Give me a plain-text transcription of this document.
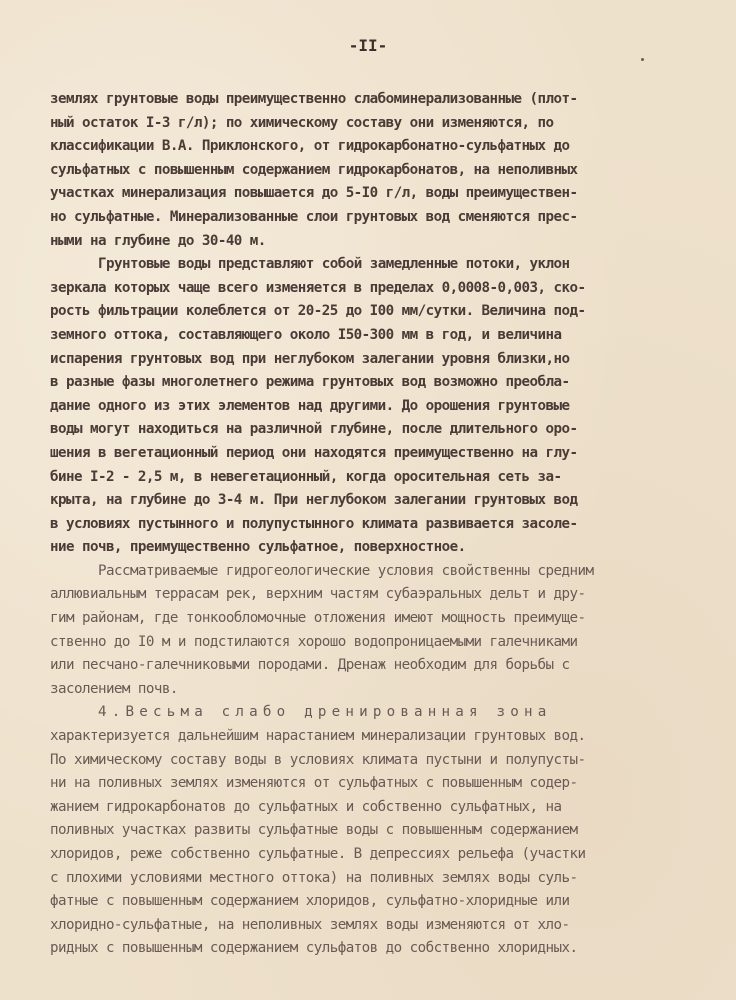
-II-
землях грунтовые воды преимущественно слабоминерализованные (плот-
ный остаток I-3 г/л); по химическому составу они изменяются, по
классификации В.А. Приклонского, от гидрокарбонатно-сульфатных до
сульфатных с повышенным содержанием гидрокарбонатов, на неполивных
участках минерализация повышается до 5-I0 г/л, воды преимуществен-
но сульфатные. Минерализованные слои грунтовых вод сменяются прес-
ными на глубине до 30-40 м.
Грунтовые воды представляют собой замедленные потоки, уклон
зеркала которых чаще всего изменяется в пределах 0,0008-0,003, ско-
рость фильтрации колеблется от 20-25 до I00 мм/сутки. Величина под-
земного оттока, составляющего около I50-300 мм в год, и величина
испарения грунтовых вод при неглубоком залегании уровня близки,но
в разные фазы многолетнего режима грунтовых вод возможно преобла-
дание одного из этих элементов над другими. До орошения грунтовые
воды могут находиться на различной глубине, после длительного оро-
шения в вегетационный период они находятся преимущественно на глу-
бине I-2 - 2,5 м, в невегетационный, когда оросительная сеть за-
крыта, на глубине до 3-4 м. При неглубоком залегании грунтовых вод
в условиях пустынного и полупустынного климата развивается засоле-
ние почв, преимущественно сульфатное, поверхностное.
Рассматриваемые гидрогеологические условия свойственны средним
аллювиальным террасам рек, верхним частям субаэральных дельт и дру-
гим районам, где тонкообломочные отложения имеют мощность преимуще-
ственно до I0 м и подстилаются хорошо водопроницаемыми галечниками
или песчано-галечниковыми породами. Дренаж необходим для борьбы с
засолением почв.
4.Весьма слабо дренированная зона
характеризуется дальнейшим нарастанием минерализации грунтовых вод.
По химическому составу воды в условиях климата пустыни и полупусты-
ни на поливных землях изменяются от сульфатных с повышенным содер-
жанием гидрокарбонатов до сульфатных и собственно сульфатных, на
поливных участках развиты сульфатные воды с повышенным содержанием
хлоридов, реже собственно сульфатные. В депрессиях рельефа (участки
с плохими условиями местного оттока) на поливных землях воды суль-
фатные с повышенным содержанием хлоридов, сульфатно-хлоридные или
хлоридно-сульфатные, на неполивных землях воды изменяются от хло-
ридных с повышенным содержанием сульфатов до собственно хлоридных.
